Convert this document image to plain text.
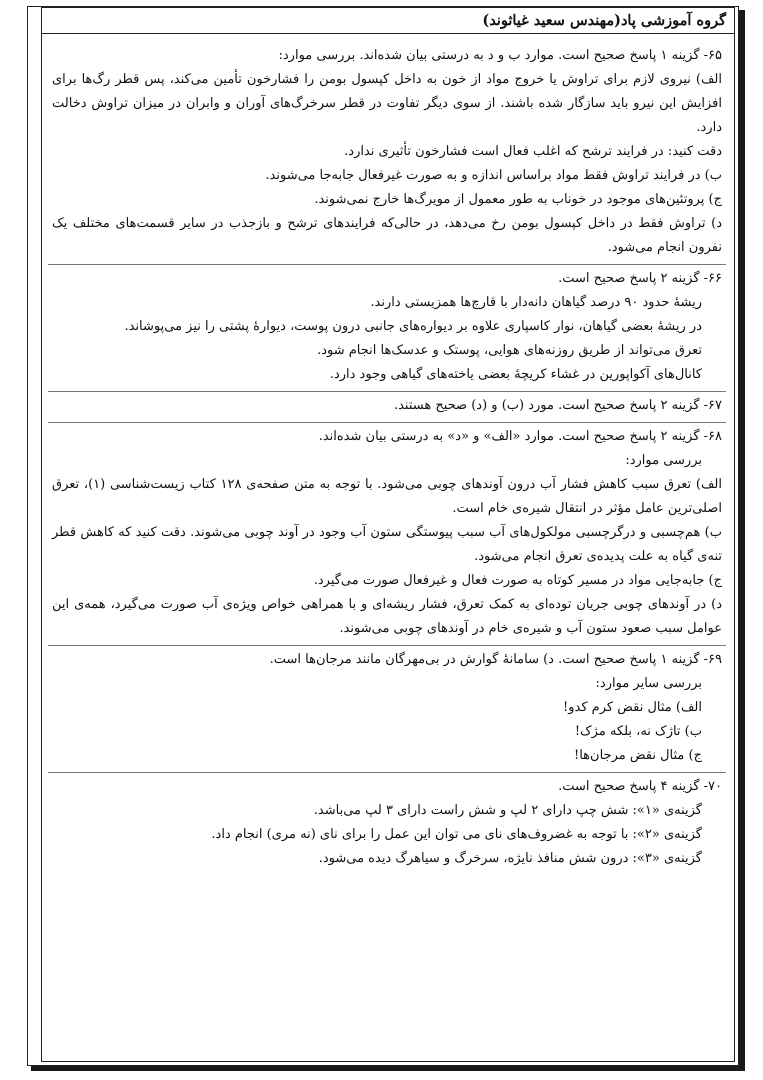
گروه آموزشی پاد(مهندس سعید غیاثوند)
۶۵- گزینه ۱ پاسخ صحیح است. موارد ب و د به درستی بیان شده‌اند. بررسی موارد:
الف) نیروی لازم برای تراوش یا خروج مواد از خون به داخل کپسول بومن را فشارخون تأمین می‌کند، پس قطر رگ‌ها برای افزایش این نیرو باید سازگار شده باشند. از سوی دیگر تفاوت در قطر سرخرگ‌های آوران و وابران در میزان تراوش دخالت دارد.
دقت کنید: در فرایند ترشح که اغلب فعال است فشارخون تأثیری ندارد.
ب) در فرایند تراوش فقط مواد براساس اندازه و به صورت غیرفعال جابه‌جا می‌شوند.
ج) پروتئین‌های موجود در خوناب به طور معمول از مویرگ‌ها خارج نمی‌شوند.
د) تراوش فقط در داخل کپسول بومن رخ می‌دهد، در حالی‌که فرایندهای ترشح و بازجذب در سایر قسمت‌های مختلف یک نفرون انجام می‌شود.
۶۶- گزینه ۲ پاسخ صحیح است.
ریشهٔ حدود ۹۰ درصد گیاهان دانه‌دار با قارچ‌ها همزیستی دارند.
در ریشهٔ بعضی گیاهان، نوار کاسپاری علاوه بر دیواره‌های جانبی درون پوست، دیوارهٔ پشتی را نیز می‌پوشاند.
تعرق می‌تواند از طریق روزنه‌های هوایی، پوستک و عدسک‌ها انجام شود.
کانال‌های آکواپورین در غشاء کریچهٔ بعضی یاخته‌های گیاهی وجود دارد.
۶۷- گزینه ۲ پاسخ صحیح است. مورد (ب) و (د) صحیح هستند.
۶۸- گزینه ۲ پاسخ صحیح است. موارد «الف» و «د» به درستی بیان شده‌اند.
بررسی موارد:
الف) تعرق سبب کاهش فشار آب درون آوندهای چوبی می‌شود. با توجه به متن صفحه‌ی ۱۲۸ کتاب زیست‌شناسی (۱)، تعرق اصلی‌ترین عامل مؤثر در انتقال شیره‌ی خام است.
ب) هم‌چسبی و درگرچسبی مولکول‌های آب سبب پیوستگی ستون آب وجود در آوند چوبی می‌شوند. دقت کنید که کاهش قطر تنه‌ی گیاه به علت پدیده‌ی تعرق انجام می‌شود.
ج) جابه‌جایی مواد در مسیر کوتاه به صورت فعال و غیرفعال صورت می‌گیرد.
د) در آوندهای چوبی جریان توده‌ای به کمک تعرق، فشار ریشه‌ای و با همراهی خواص ویژه‌ی آب صورت می‌گیرد، همه‌ی این عوامل سبب صعود ستون آب و شیره‌ی خام در آوندهای چوبی می‌شوند.
۶۹- گزینه ۱ پاسخ صحیح است. د) سامانهٔ گوارش در بی‌مهرگان مانند مرجان‌ها است.
بررسی سایر موارد:
الف) مثال نقض کرم کدو!
ب) تاژک نه، بلکه مژک!
ج) مثال نقض مرجان‌ها!
۷۰- گزینه ۴ پاسخ صحیح است.
گزینه‌ی «۱»: شش چپ دارای ۲ لپ و شش راست دارای ۳ لپ می‌باشد.
گزینه‌ی «۲»: با توجه به غضروف‌های نای می توان این عمل را برای نای (نه مری) انجام داد.
گزینه‌ی «۳»: درون شش منافذ نایژه، سرخرگ و سیاهرگ دیده می‌شود.
